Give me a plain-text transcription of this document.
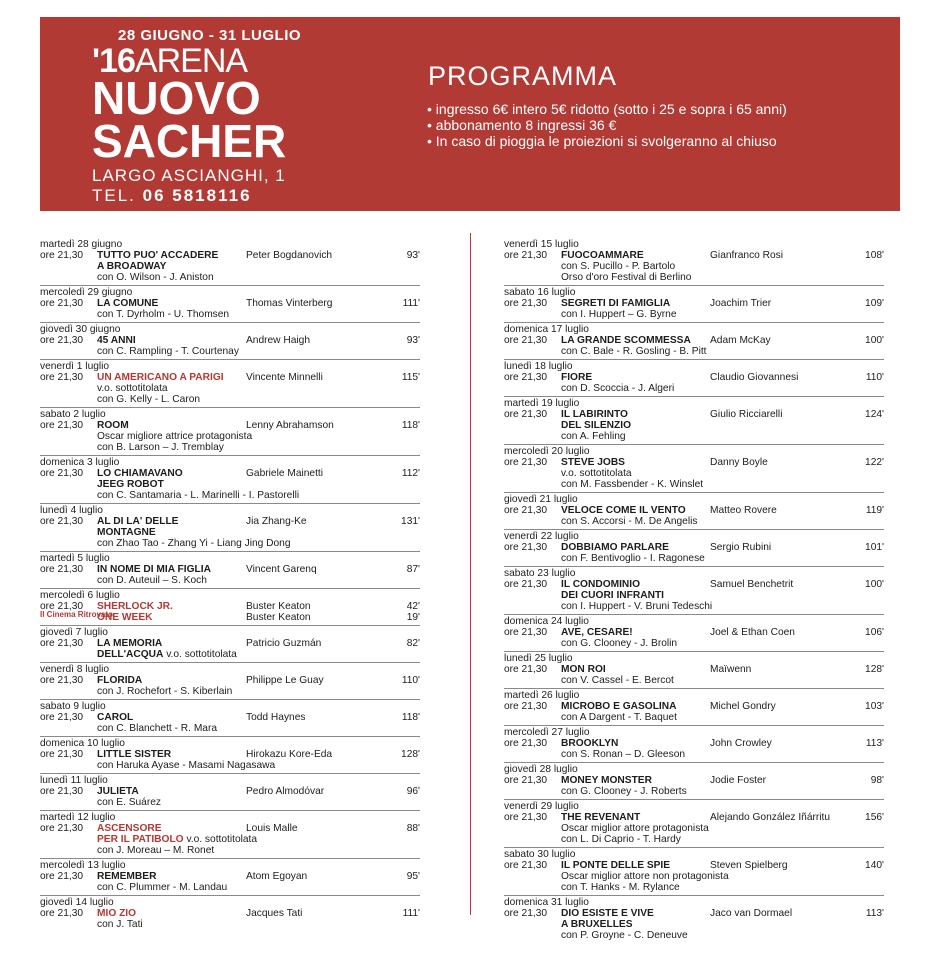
28 GIUGNO - 31 LUGLIO
'16ARENA
NUOVO
SACHER
LARGO ASCIANGHI, 1
TEL. 06 5818116
www.sacherfilm.eu
PROGRAMMA
• ingresso 6€ intero 5€ ridotto (sotto i 25 e sopra i 65 anni)
• abbonamento 8 ingressi 36 €
• In caso di pioggia le proiezioni si svolgeranno al chiuso
martedì 28 giugno
ore 21,30 TUTTO PUO' ACCADERE	Peter Bogdanovich	93'
A BROADWAY
con O. Wilson - J. Aniston
mercoledì 29 giugno
ore 21,30 LA COMUNE	Thomas Vinterberg	111'
con T. Dyrholm - U. Thomsen
giovedì 30 giugno
ore 21,30 45 ANNI	Andrew Haigh	93'
con C. Rampling - T. Courtenay
venerdì 1 luglio
ore 21,30 UN AMERICANO A PARIGI	Vincente Minnelli	115'
v.o. sottotitolata
con G. Kelly - L. Caron
sabato 2 luglio
ore 21,30 ROOM	Lenny Abrahamson	118'
Oscar migliore attrice protagonista
con B. Larson – J. Tremblay
domenica 3 luglio
ore 21,30 LO CHIAMAVANO	Gabriele Mainetti	112'
JEEG ROBOT
con C. Santamaria - L. Marinelli - I. Pastorelli
lunedì 4 luglio
ore 21,30 AL DI LA' DELLE	Jia Zhang-Ke	131'
MONTAGNE
con Zhao Tao - Zhang Yi - Liang Jing Dong
martedì 5 luglio
ore 21,30 IN NOME DI MIA FIGLIA	Vincent Garenq	87'
con D. Auteuil – S. Koch
mercoledì 6 luglio
ore 21,30 SHERLOCK JR.	Buster Keaton	42'
ONE WEEK	Buster Keaton	19'
Il Cinema Ritrovato
giovedì 7 luglio
ore 21,30 LA MEMORIA	Patricio Guzmán	82'
DELL'ACQUA v.o. sottotitolata
venerdì 8 luglio
ore 21,30 FLORIDA	Philippe Le Guay	110'
con J. Rochefort - S. Kiberlain
sabato 9 luglio
ore 21,30 CAROL	Todd Haynes	118'
con C. Blanchett - R. Mara
domenica 10 luglio
ore 21,30 LITTLE SISTER	Hirokazu Kore-Eda	128'
con Haruka Ayase - Masami Nagasawa
lunedì 11 luglio
ore 21,30 JULIETA	Pedro Almodóvar	96'
con E. Suárez
martedì 12 luglio
ore 21,30 ASCENSORE	Louis Malle	88'
PER IL PATIBOLO v.o. sottotitolata
con J. Moreau – M. Ronet
mercoledì 13 luglio
ore 21,30 REMEMBER	Atom Egoyan	95'
con C. Plummer - M. Landau
giovedì 14 luglio
ore 21,30 MIO ZIO	Jacques Tati	111'
con J. Tati
venerdì 15 luglio
ore 21,30 FUOCOAMMARE	Gianfranco Rosi	108'
con S. Pucillo - P. Bartolo
Orso d'oro Festival di Berlino
sabato 16 luglio
ore 21,30 SEGRETI DI FAMIGLIA	Joachim Trier	109'
con I. Huppert – G. Byrne
domenica 17 luglio
ore 21,30 LA GRANDE SCOMMESSA	Adam McKay	100'
con C. Bale - R. Gosling - B. Pitt
lunedì 18 luglio
ore 21,30 FIORE	Claudio Giovannesi	110'
con D. Scoccia - J. Algeri
martedì 19 luglio
ore 21,30 IL LABIRINTO	Giulio Ricciarelli	124'
DEL SILENZIO
con A. Fehling
mercoledì 20 luglio
ore 21,30 STEVE JOBS	Danny Boyle	122'
v.o. sottotitolata
con M. Fassbender - K. Winslet
giovedì 21 luglio
ore 21,30 VELOCE COME IL VENTO	Matteo Rovere	119'
con S. Accorsi - M. De Angelis
venerdì 22 luglio
ore 21,30 DOBBIAMO PARLARE	Sergio Rubini	101'
con F. Bentivoglio - I. Ragonese
sabato 23 luglio
ore 21,30 IL CONDOMINIO	Samuel Benchetrit	100'
DEI CUORI INFRANTI
con I. Huppert - V. Bruni Tedeschi
domenica 24 luglio
ore 21,30 AVE, CESARE!	Joel & Ethan Coen	106'
con G. Clooney - J. Brolin
lunedì 25 luglio
ore 21,30 MON ROI	Maïwenn	128'
con V. Cassel - E. Bercot
martedì 26 luglio
ore 21,30 MICROBO E GASOLINA	Michel Gondry	103'
con A Dargent - T. Baquet
mercoledì 27 luglio
ore 21,30 BROOKLYN	John Crowley	113'
con S. Ronan – D. Gleeson
giovedì 28 luglio
ore 21,30 MONEY MONSTER	Jodie Foster	98'
con G. Clooney - J. Roberts
venerdì 29 luglio
ore 21,30 THE REVENANT	Alejando González Iñárritu	156'
Oscar miglior attore protagonista
con L. Di Caprio - T. Hardy
sabato 30 luglio
ore 21,30 IL PONTE DELLE SPIE	Steven Spielberg	140'
Oscar miglior attore non protagonista
con T. Hanks - M. Rylance
domenica 31 luglio
ore 21,30 DIO ESISTE E VIVE	Jaco van Dormael	113'
A BRUXELLES
con P. Groyne - C. Deneuve
